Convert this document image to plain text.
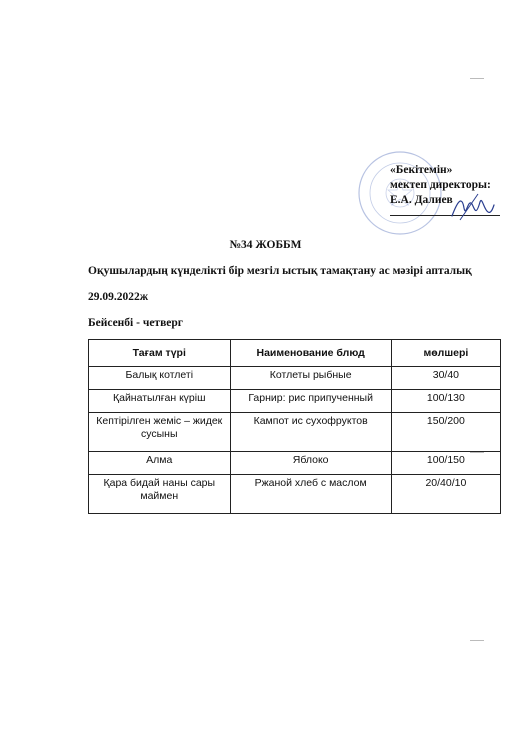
«Бекітемін»
мектеп директоры:
Е.А. Далиев
№34 ЖОББМ
Оқушылардың күнделікті бір мезгіл ыстық тамақтану ас мәзірі апталық
29.09.2022ж
Бейсенбі - четверг
Тағам түрі	Наименование блюд	мөлшері
Балық котлеті	Котлеты рыбные	30/40
Қайнатылған күріш	Гарнир: рис припученный	100/130
Кептірілген жеміс – жидек сусыны	Кампот ис сухофруктов	150/200
Алма	Яблоко	100/150
Қара бидай наны сары маймен	Ржаной хлеб с маслом	20/40/10
